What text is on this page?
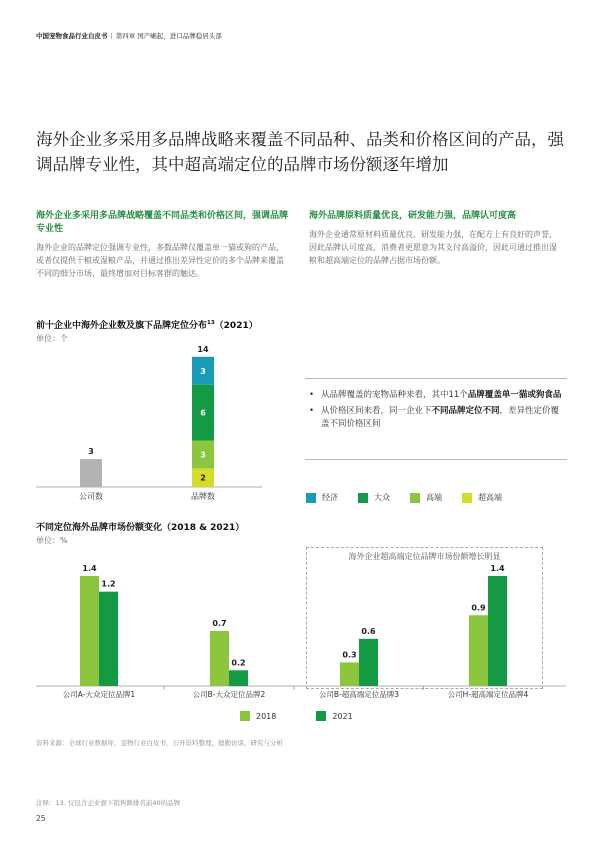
中国宠物食品行业白皮书 | 第四章 国产崛起，进口品牌稳居头部
海外企业多采用多品牌战略来覆盖不同品种、品类和价格区间的产品，强调品牌专业性，其中超高端定位的品牌市场份额逐年增加
海外企业多采用多品牌战略覆盖不同品类和价格区间，强调品牌专业性
海外企业的品牌定位强调专业性，多数品牌仅覆盖单一猫或狗的产品，或者仅提供干粮或湿粮产品，并通过推出差异性定价的多个品牌来覆盖不同的细分市场，最终增加对目标客群的触达。
海外品牌原料质量优良，研发能力强，品牌认可度高
海外企业通常原材料质量优良，研发能力强，在配方上有良好的声誉，因此品牌认可度高，消费者更愿意为其支付高溢价，因此可通过推出湿粮和超高端定位的品牌占据市场份额。
前十企业中海外企业数及旗下品牌定位分布$^{13}$（2021）
单位：个
• 从品牌覆盖的宠物品种来看，其中11个品牌覆盖单一猫或狗食品
• 从价格区间来看，同一企业下不同品牌定位不同，差异性定价覆盖不同价格区间
经济	大众	高端	超高端
不同定位海外品牌市场份额变化（2018 & 2021）
单位：%
海外企业超高端定位品牌市场份额增长明显
3
2
3
6
3
14
公司数	品牌数
1.4
1.2
公司A-大众定位品牌1
0.7
0.2
公司B-大众定位品牌2
0.3
0.6
公司B-超高端定位品牌3
0.9
1.4
公司H-超高端定位品牌4
2018	2021
资料来源：全球行业数据库，宠物行业白皮书，公开资料整理，德勤访谈、研究与分析
注释：13. 仅包含企业旗下销售额排名前40的品牌
25
